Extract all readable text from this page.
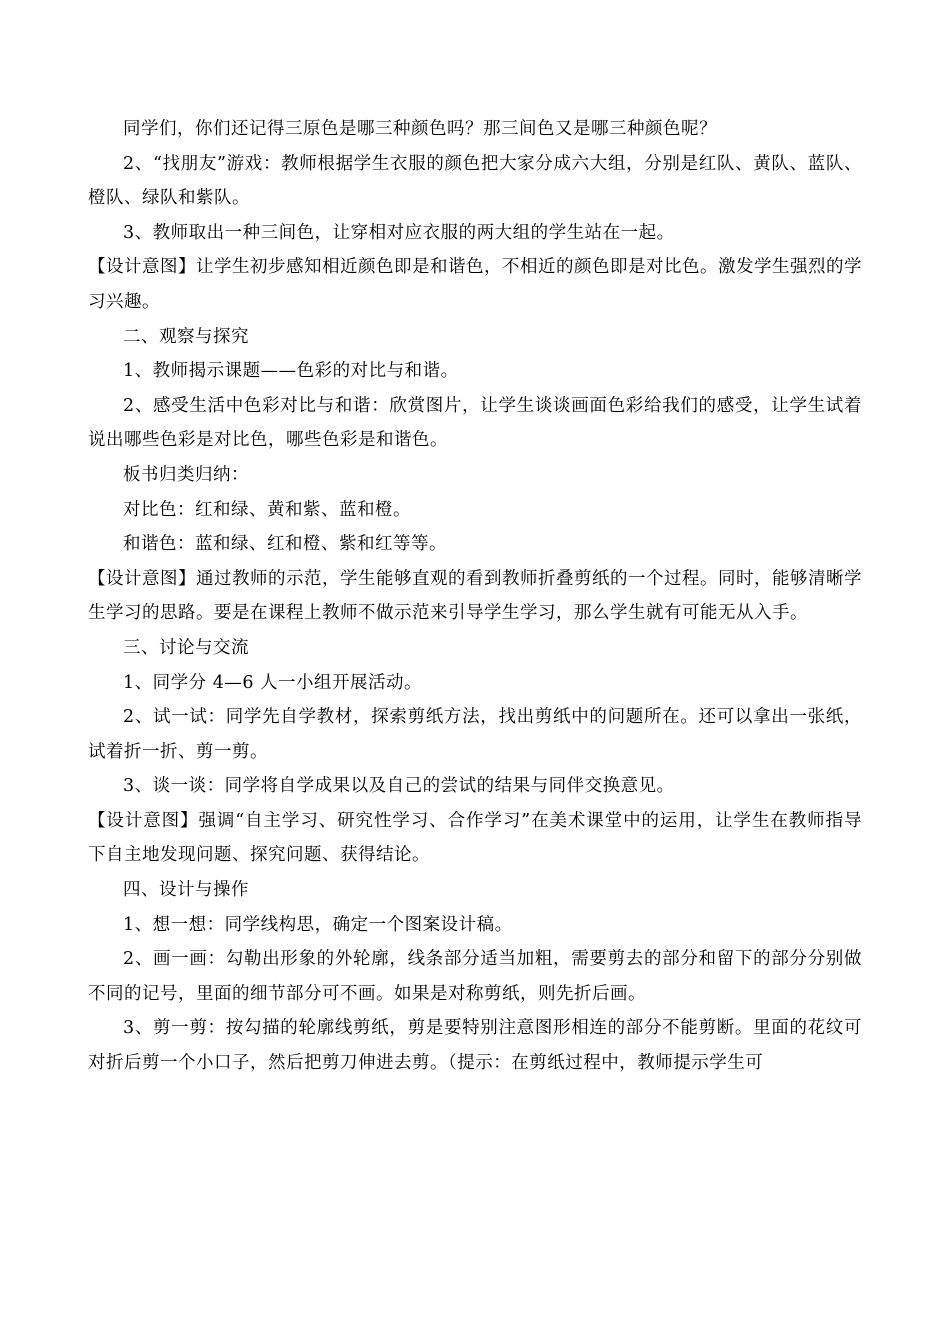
同学们，你们还记得三原色是哪三种颜色吗？那三间色又是哪三种颜色呢？

2、“找朋友”游戏：教师根据学生衣服的颜色把大家分成六大组，分别是红队、黄队、蓝队、橙队、绿队和紫队。

3、教师取出一种三间色，让穿相对应衣服的两大组的学生站在一起。

【设计意图】让学生初步感知相近颜色即是和谐色，不相近的颜色即是对比色。激发学生强烈的学习兴趣。

二、观察与探究

1、教师揭示课题——色彩的对比与和谐。

2、感受生活中色彩对比与和谐：欣赏图片，让学生谈谈画面色彩给我们的感受，让学生试着说出哪些色彩是对比色，哪些色彩是和谐色。

板书归类归纳：

对比色：红和绿、黄和紫、蓝和橙。

和谐色：蓝和绿、红和橙、紫和红等等。

【设计意图】通过教师的示范，学生能够直观的看到教师折叠剪纸的一个过程。同时，能够清晰学生学习的思路。要是在课程上教师不做示范来引导学生学习，那么学生就有可能无从入手。

三、讨论与交流

1、同学分 4—6 人一小组开展活动。

2、试一试：同学先自学教材，探索剪纸方法，找出剪纸中的问题所在。还可以拿出一张纸，试着折一折、剪一剪。

3、谈一谈：同学将自学成果以及自己的尝试的结果与同伴交换意见。

【设计意图】强调“自主学习、研究性学习、合作学习”在美术课堂中的运用，让学生在教师指导下自主地发现问题、探究问题、获得结论。

四、设计与操作

1、想一想：同学线构思，确定一个图案设计稿。

2、画一画：勾勒出形象的外轮廓，线条部分适当加粗，需要剪去的部分和留下的部分分别做不同的记号，里面的细节部分可不画。如果是对称剪纸，则先折后画。

3、剪一剪：按勾描的轮廓线剪纸，剪是要特别注意图形相连的部分不能剪断。里面的花纹可对折后剪一个小口子，然后把剪刀伸进去剪。（提示：在剪纸过程中，教师提示学生可
